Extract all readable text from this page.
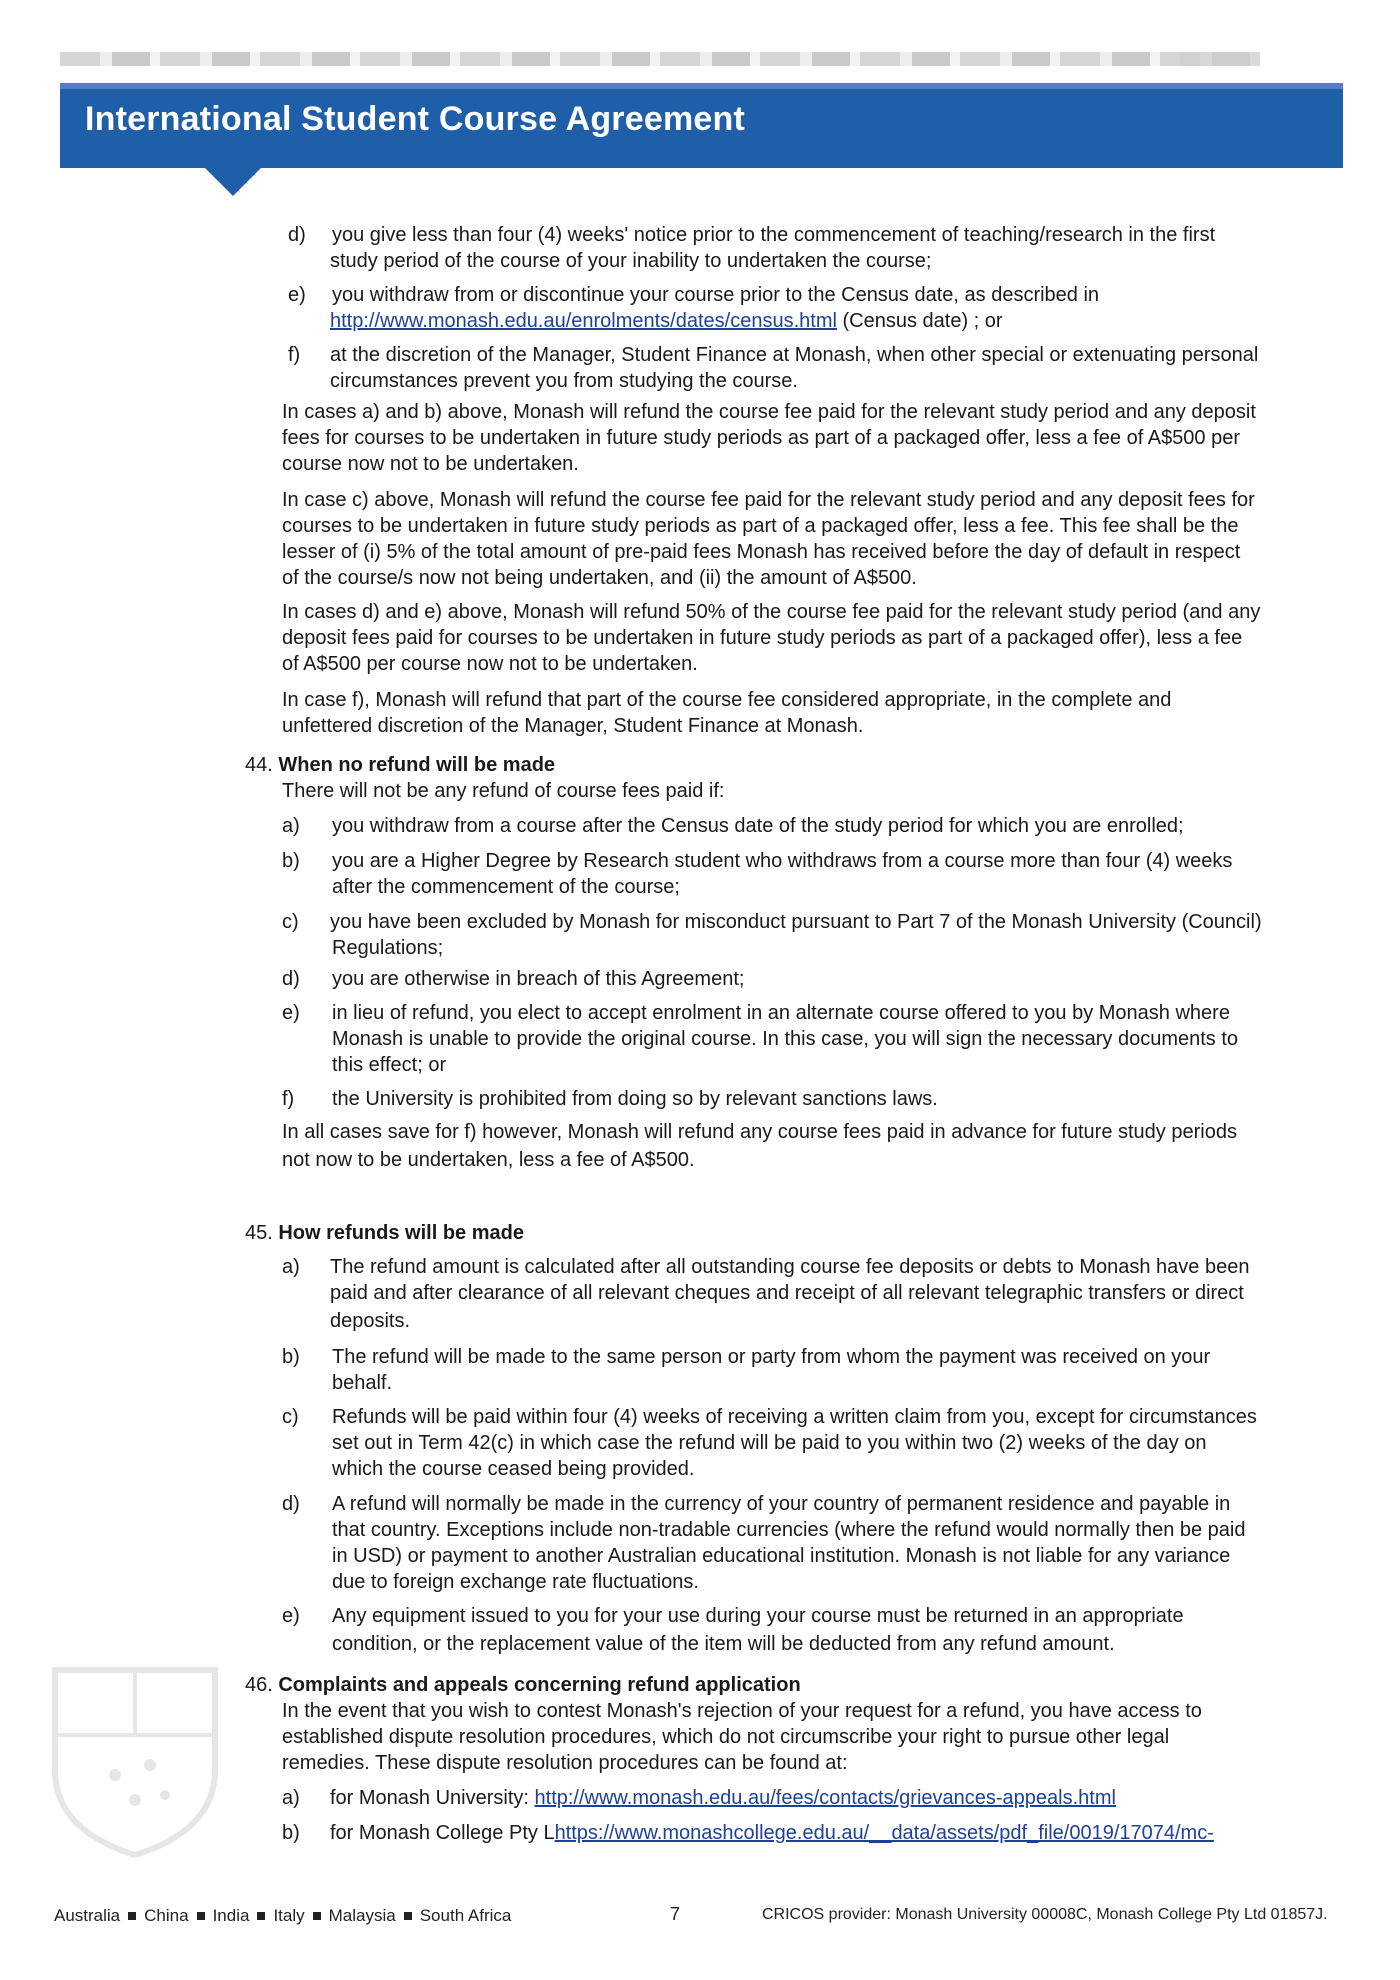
International Student Course Agreement
d) you give less than four (4) weeks' notice prior to the commencement of teaching/research in the first
study period of the course of your inability to undertaken the course;
e) you withdraw from or discontinue your course prior to the Census date, as described in
http://www.monash.edu.au/enrolments/dates/census.html (Census date) ; or
f) at the discretion of the Manager, Student Finance at Monash, when other special or extenuating personal
circumstances prevent you from studying the course.
In cases a) and b) above, Monash will refund the course fee paid for the relevant study period and any deposit
fees for courses to be undertaken in future study periods as part of a packaged offer, less a fee of A$500 per
course now not to be undertaken.
In case c) above, Monash will refund the course fee paid for the relevant study period and any deposit fees for
courses to be undertaken in future study periods as part of a packaged offer, less a fee. This fee shall be the
lesser of (i) 5% of the total amount of pre-paid fees Monash has received before the day of default in respect
of the course/s now not being undertaken, and (ii) the amount of A$500.
In cases d) and e) above, Monash will refund 50% of the course fee paid for the relevant study period (and any
deposit fees paid for courses to be undertaken in future study periods as part of a packaged offer), less a fee
of A$500 per course now not to be undertaken.
In case f), Monash will refund that part of the course fee considered appropriate, in the complete and
unfettered discretion of the Manager, Student Finance at Monash.
44. When no refund will be made
There will not be any refund of course fees paid if:
a) you withdraw from a course after the Census date of the study period for which you are enrolled;
b) you are a Higher Degree by Research student who withdraws from a course more than four (4) weeks
after the commencement of the course;
c) you have been excluded by Monash for misconduct pursuant to Part 7 of the Monash University (Council)
Regulations;
d) you are otherwise in breach of this Agreement;
e) in lieu of refund, you elect to accept enrolment in an alternate course offered to you by Monash where
Monash is unable to provide the original course. In this case, you will sign the necessary documents to
this effect; or
f) the University is prohibited from doing so by relevant sanctions laws.
In all cases save for f) however, Monash will refund any course fees paid in advance for future study periods
not now to be undertaken, less a fee of A$500.
45. How refunds will be made
a) The refund amount is calculated after all outstanding course fee deposits or debts to Monash have been
paid and after clearance of all relevant cheques and receipt of all relevant telegraphic transfers or direct
deposits.
b) The refund will be made to the same person or party from whom the payment was received on your
behalf.
c) Refunds will be paid within four (4) weeks of receiving a written claim from you, except for circumstances
set out in Term 42(c) in which case the refund will be paid to you within two (2) weeks of the day on
which the course ceased being provided.
d) A refund will normally be made in the currency of your country of permanent residence and payable in
that country. Exceptions include non-tradable currencies (where the refund would normally then be paid
in USD) or payment to another Australian educational institution. Monash is not liable for any variance
due to foreign exchange rate fluctuations.
e) Any equipment issued to you for your use during your course must be returned in an appropriate
condition, or the replacement value of the item will be deducted from any refund amount.
46. Complaints and appeals concerning refund application
In the event that you wish to contest Monash's rejection of your request for a refund, you have access to
established dispute resolution procedures, which do not circumscribe your right to pursue other legal
remedies. These dispute resolution procedures can be found at:
a) for Monash University: http://www.monash.edu.au/fees/contacts/grievances-appeals.html
b) for Monash College Pty Lhttps://www.monashcollege.edu.au/__data/assets/pdf_file/0019/17074/mc-
Australia China India Italy Malaysia South Africa	7	CRICOS provider: Monash University 00008C, Monash College Pty Ltd 01857J.
